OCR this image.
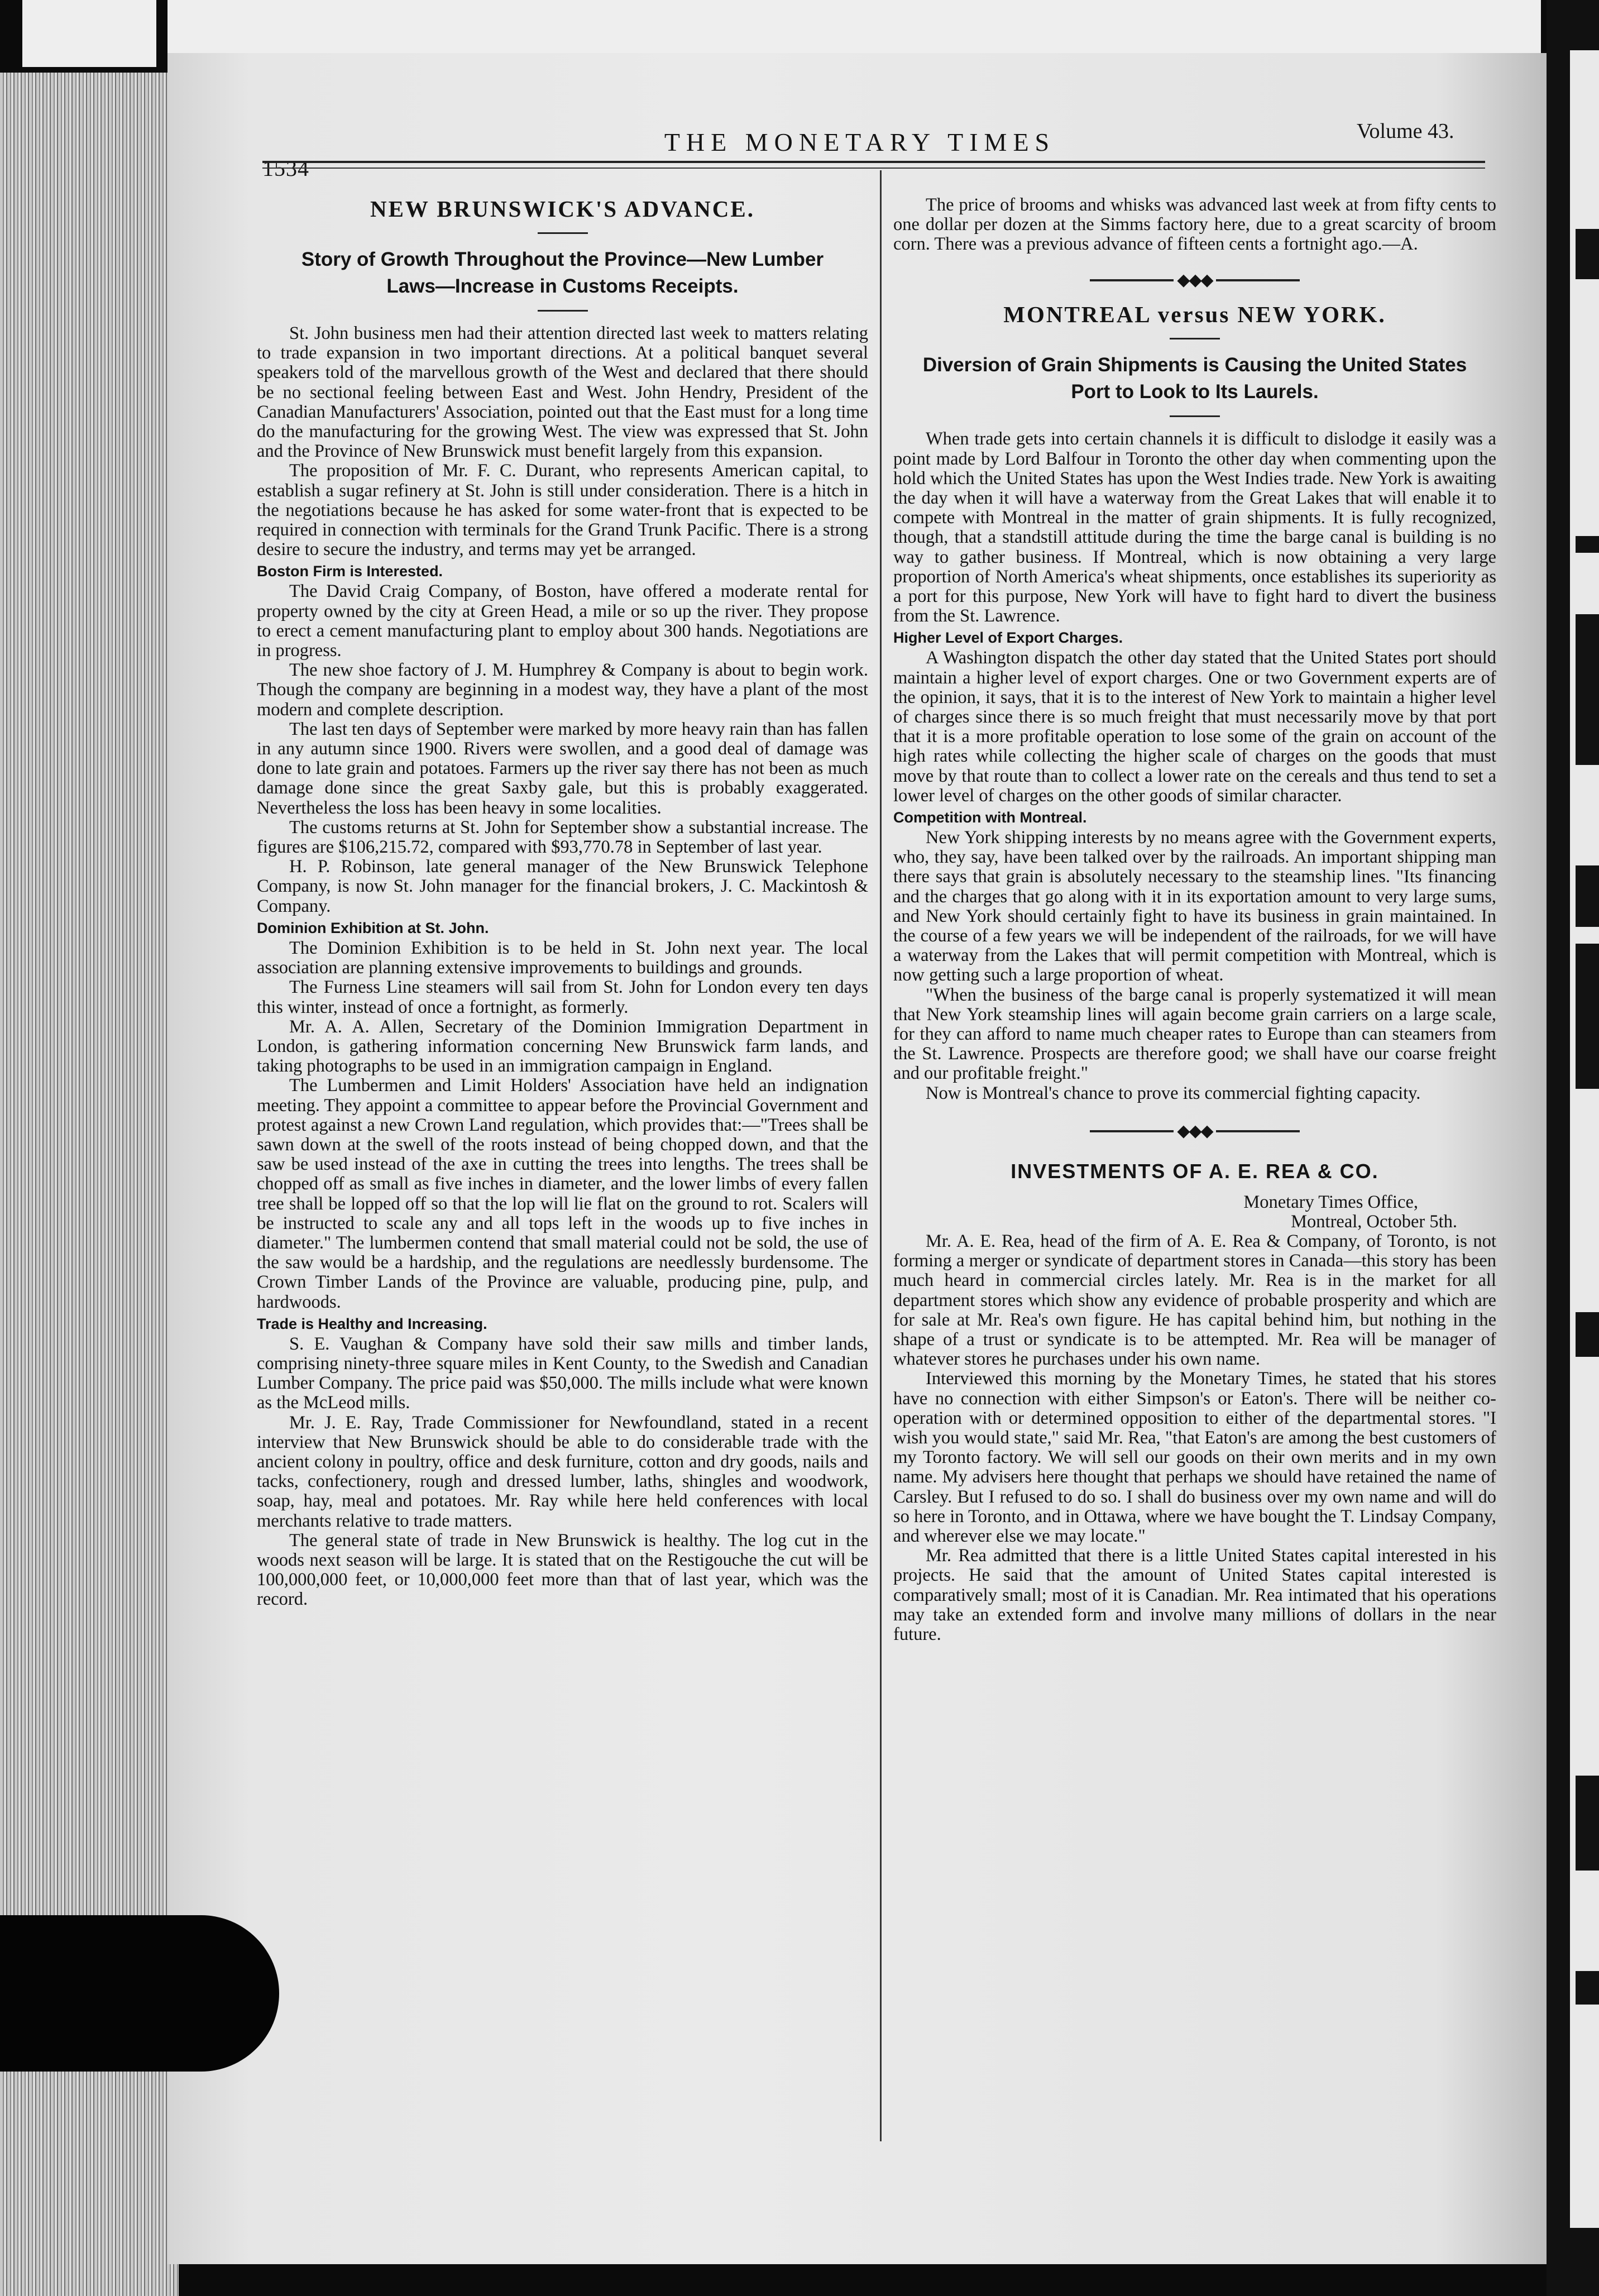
1534
THE MONETARY TIMES	Volume 43.
NEW BRUNSWICK'S ADVANCE.
Story of Growth Throughout the Province—New Lumber Laws—Increase in Customs Receipts.

St. John business men had their attention directed last week to matters relating to trade expansion in two important directions. At a political banquet several speakers told of the marvellous growth of the West and declared that there should be no sectional feeling between East and West. John Hendry, President of the Canadian Manufacturers' Association, pointed out that the East must for a long time do the manufacturing for the growing West. The view was expressed that St. John and the Province of New Brunswick must benefit largely from this expansion.

The proposition of Mr. F. C. Durant, who represents American capital, to establish a sugar refinery at St. John is still under consideration. There is a hitch in the negotiations because he has asked for some water-front that is expected to be required in connection with terminals for the Grand Trunk Pacific. There is a strong desire to secure the industry, and terms may yet be arranged.

Boston Firm is Interested.

The David Craig Company, of Boston, have offered a moderate rental for property owned by the city at Green Head, a mile or so up the river. They propose to erect a cement manufacturing plant to employ about 300 hands. Negotiations are in progress.

The new shoe factory of J. M. Humphrey & Company is about to begin work. Though the company are beginning in a modest way, they have a plant of the most modern and complete description.

The last ten days of September were marked by more heavy rain than has fallen in any autumn since 1900. Rivers were swollen, and a good deal of damage was done to late grain and potatoes. Farmers up the river say there has not been as much damage done since the great Saxby gale, but this is probably exaggerated. Nevertheless the loss has been heavy in some localities.

The customs returns at St. John for September show a substantial increase. The figures are $106,215.72, compared with $93,770.78 in September of last year.

H. P. Robinson, late general manager of the New Brunswick Telephone Company, is now St. John manager for the financial brokers, J. C. Mackintosh & Company.

Dominion Exhibition at St. John.

The Dominion Exhibition is to be held in St. John next year. The local association are planning extensive improvements to buildings and grounds.

The Furness Line steamers will sail from St. John for London every ten days this winter, instead of once a fortnight, as formerly.

Mr. A. A. Allen, Secretary of the Dominion Immigration Department in London, is gathering information concerning New Brunswick farm lands, and taking photographs to be used in an immigration campaign in England.

The Lumbermen and Limit Holders' Association have held an indignation meeting. They appoint a committee to appear before the Provincial Government and protest against a new Crown Land regulation, which provides that:—"Trees shall be sawn down at the swell of the roots instead of being chopped down, and that the saw be used instead of the axe in cutting the trees into lengths. The trees shall be chopped off as small as five inches in diameter, and the lower limbs of every fallen tree shall be lopped off so that the lop will lie flat on the ground to rot. Scalers will be instructed to scale any and all tops left in the woods up to five inches in diameter." The lumbermen contend that small material could not be sold, the use of the saw would be a hardship, and the regulations are needlessly burdensome. The Crown Timber Lands of the Province are valuable, producing pine, pulp, and hardwoods.

Trade is Healthy and Increasing.

S. E. Vaughan & Company have sold their saw mills and timber lands, comprising ninety-three square miles in Kent County, to the Swedish and Canadian Lumber Company. The price paid was $50,000. The mills include what were known as the McLeod mills.

Mr. J. E. Ray, Trade Commissioner for Newfoundland, stated in a recent interview that New Brunswick should be able to do considerable trade with the ancient colony in poultry, office and desk furniture, cotton and dry goods, nails and tacks, confectionery, rough and dressed lumber, laths, shingles and woodwork, soap, hay, meal and potatoes. Mr. Ray while here held conferences with local merchants relative to trade matters.

The general state of trade in New Brunswick is healthy. The log cut in the woods next season will be large. It is stated that on the Restigouche the cut will be 100,000,000 feet, or 10,000,000 feet more than that of last year, which was the record.

The price of brooms and whisks was advanced last week at from fifty cents to one dollar per dozen at the Simms factory here, due to a great scarcity of broom corn. There was a previous advance of fifteen cents a fortnight ago.—A.

◆◆◆
MONTREAL versus NEW YORK.
Diversion of Grain Shipments is Causing the United States Port to Look to Its Laurels.

When trade gets into certain channels it is difficult to dislodge it easily was a point made by Lord Balfour in Toronto the other day when commenting upon the hold which the United States has upon the West Indies trade. New York is awaiting the day when it will have a waterway from the Great Lakes that will enable it to compete with Montreal in the matter of grain shipments. It is fully recognized, though, that a standstill attitude during the time the barge canal is building is no way to gather business. If Montreal, which is now obtaining a very large proportion of North America's wheat shipments, once establishes its superiority as a port for this purpose, New York will have to fight hard to divert the business from the St. Lawrence.

Higher Level of Export Charges.

A Washington dispatch the other day stated that the United States port should maintain a higher level of export charges. One or two Government experts are of the opinion, it says, that it is to the interest of New York to maintain a higher level of charges since there is so much freight that must necessarily move by that port that it is a more profitable operation to lose some of the grain on account of the high rates while collecting the higher scale of charges on the goods that must move by that route than to collect a lower rate on the cereals and thus tend to set a lower level of charges on the other goods of similar character.

Competition with Montreal.

New York shipping interests by no means agree with the Government experts, who, they say, have been talked over by the railroads. An important shipping man there says that grain is absolutely necessary to the steamship lines. "Its financing and the charges that go along with it in its exportation amount to very large sums, and New York should certainly fight to have its business in grain maintained. In the course of a few years we will be independent of the railroads, for we will have a waterway from the Lakes that will permit competition with Montreal, which is now getting such a large proportion of wheat.

"When the business of the barge canal is properly systematized it will mean that New York steamship lines will again become grain carriers on a large scale, for they can afford to name much cheaper rates to Europe than can steamers from the St. Lawrence. Prospects are therefore good; we shall have our coarse freight and our profitable freight."

Now is Montreal's chance to prove its commercial fighting capacity.

◆◆◆
INVESTMENTS OF A. E. REA & CO.
Monetary Times Office,
Montreal, October 5th.

Mr. A. E. Rea, head of the firm of A. E. Rea & Company, of Toronto, is not forming a merger or syndicate of department stores in Canada—this story has been much heard in commercial circles lately. Mr. Rea is in the market for all department stores which show any evidence of probable prosperity and which are for sale at Mr. Rea's own figure. He has capital behind him, but nothing in the shape of a trust or syndicate is to be attempted. Mr. Rea will be manager of whatever stores he purchases under his own name.

Interviewed this morning by the Monetary Times, he stated that his stores have no connection with either Simpson's or Eaton's. There will be neither co-operation with or determined opposition to either of the departmental stores. "I wish you would state," said Mr. Rea, "that Eaton's are among the best customers of my Toronto factory. We will sell our goods on their own merits and in my own name. My advisers here thought that perhaps we should have retained the name of Carsley. But I refused to do so. I shall do business over my own name and will do so here in Toronto, and in Ottawa, where we have bought the T. Lindsay Company, and wherever else we may locate."

Mr. Rea admitted that there is a little United States capital interested in his projects. He said that the amount of United States capital interested is comparatively small; most of it is Canadian. Mr. Rea intimated that his operations may take an extended form and involve many millions of dollars in the near future.
